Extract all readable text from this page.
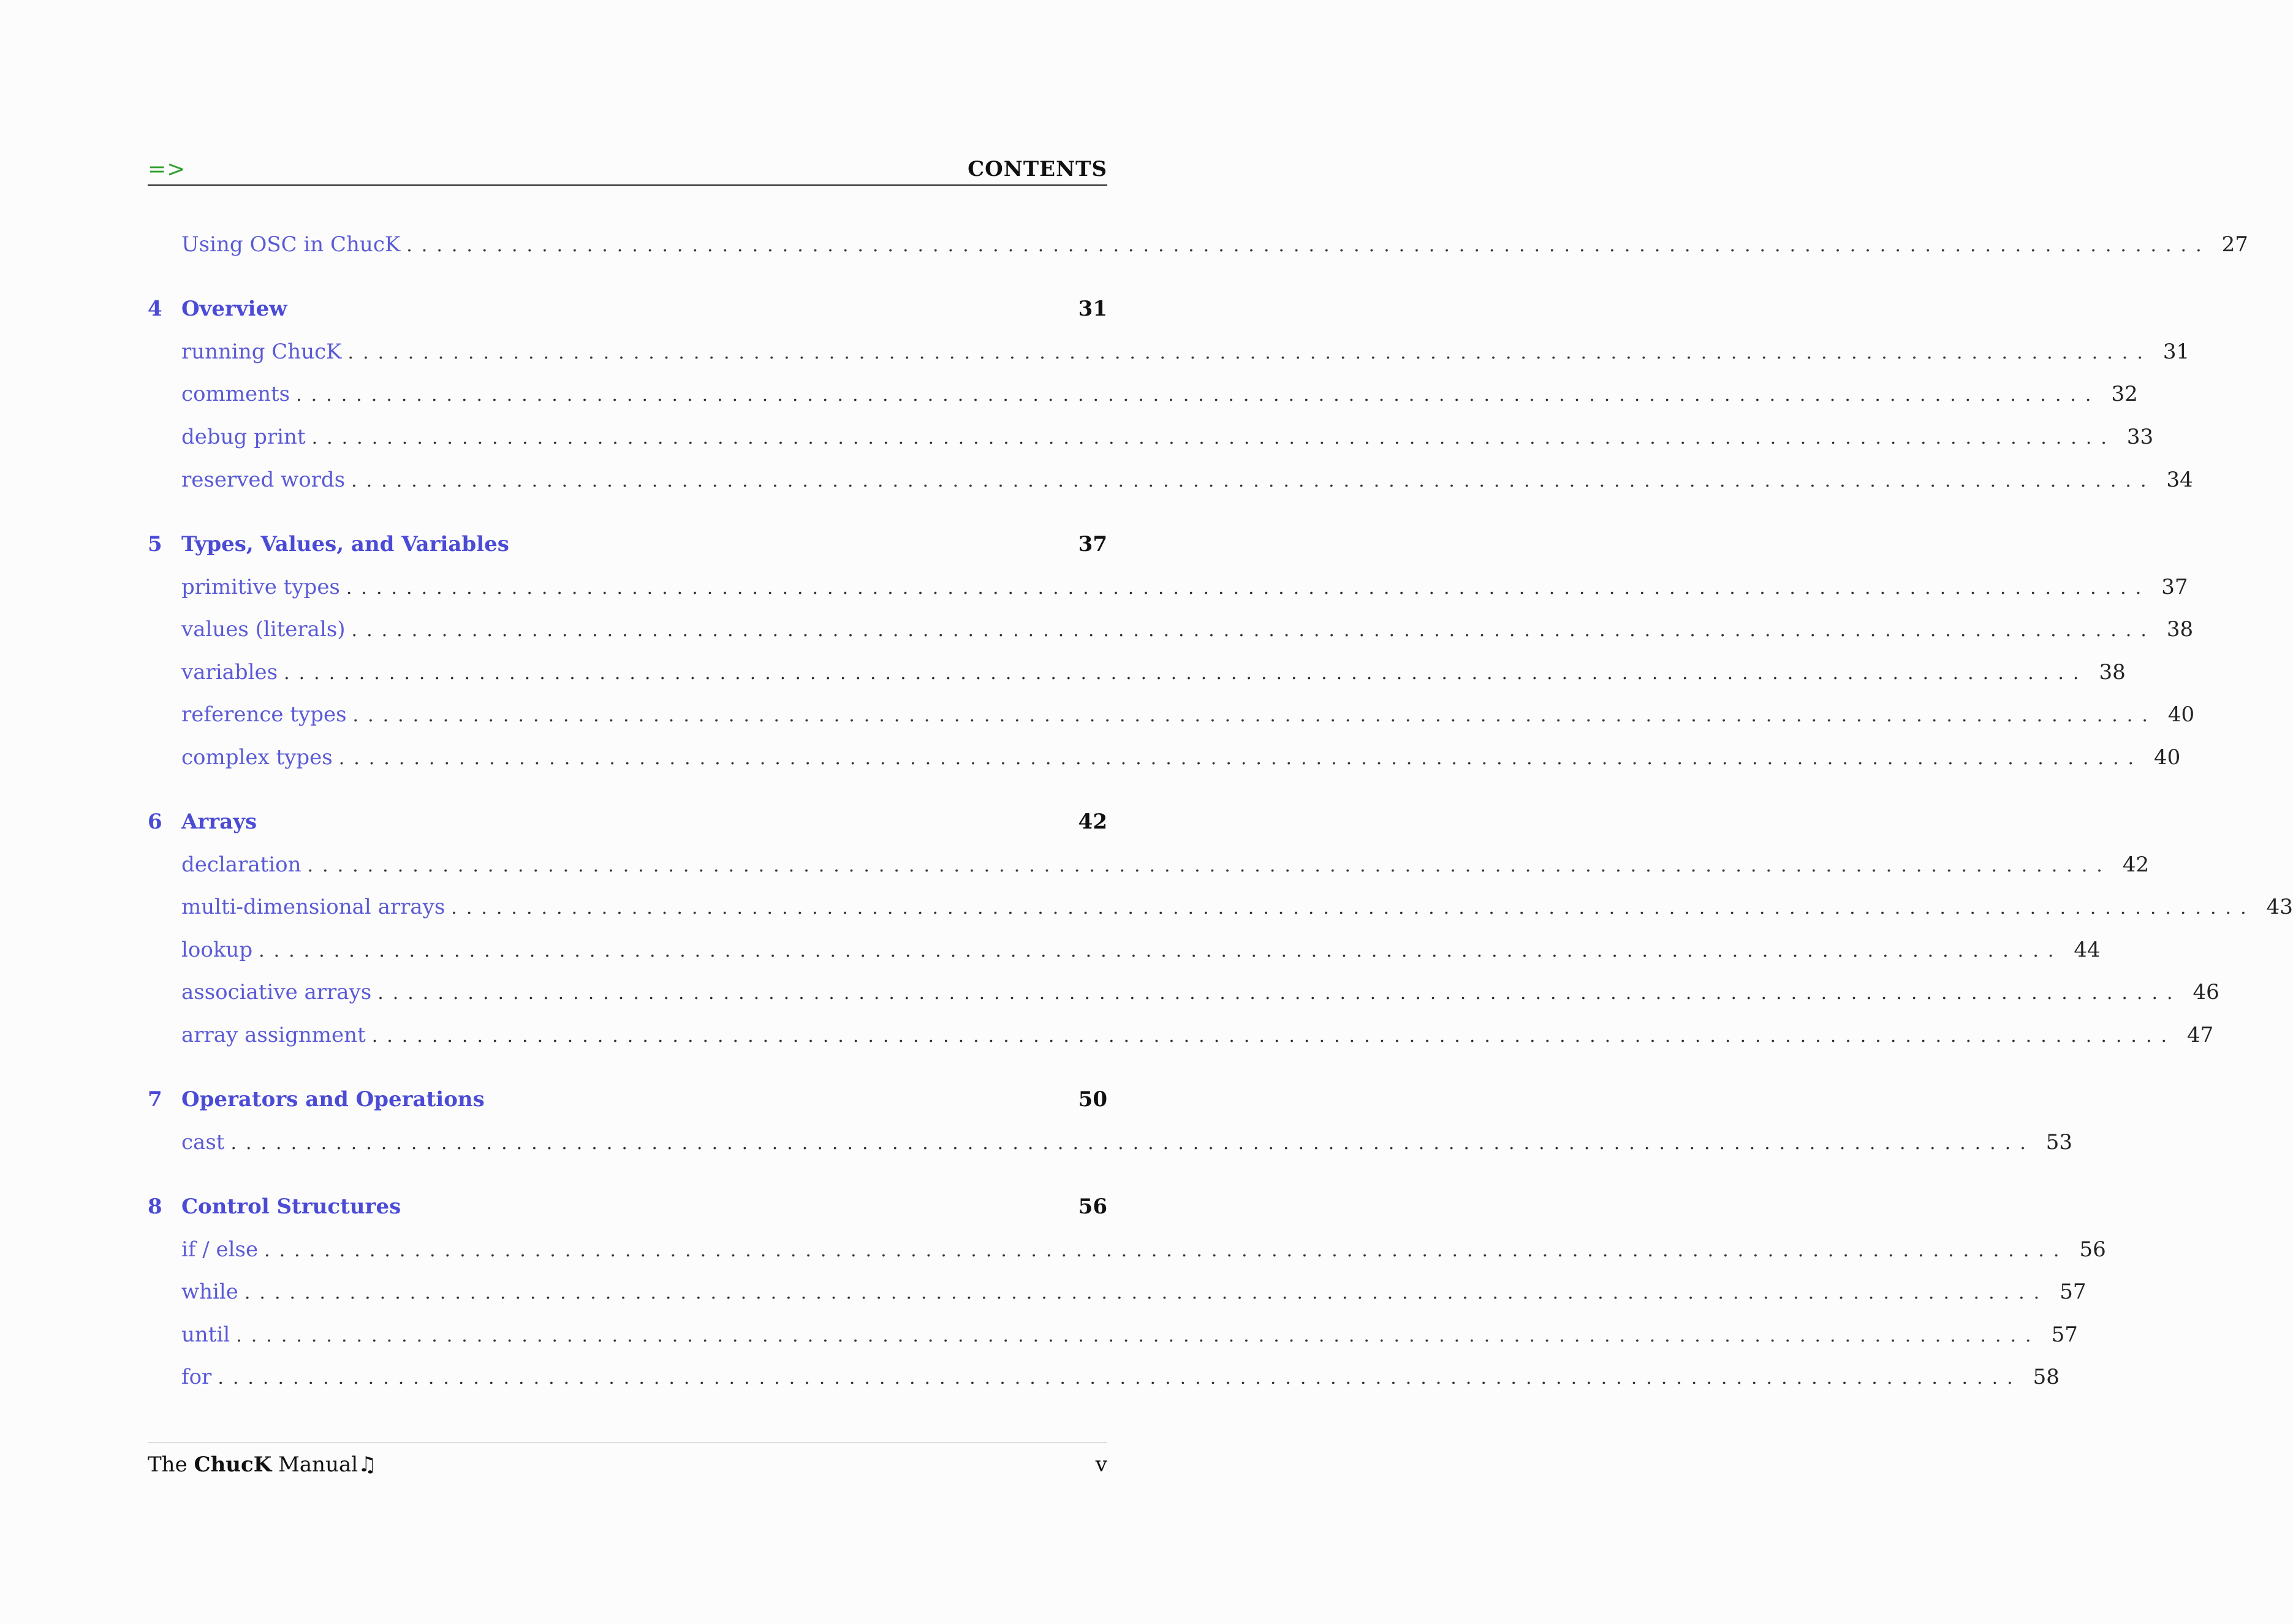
=>	CONTENTS
Using OSC in ChucK ........................................................................................................................ 27
4 Overview	31
running ChucK ........................................................................................................................ 31
comments ........................................................................................................................ 32
debug print ........................................................................................................................ 33
reserved words ........................................................................................................................ 34
5 Types, Values, and Variables	37
primitive types ........................................................................................................................ 37
values (literals) ........................................................................................................................ 38
variables ........................................................................................................................ 38
reference types ........................................................................................................................ 40
complex types ........................................................................................................................ 40
6 Arrays	42
declaration ........................................................................................................................ 42
multi-dimensional arrays ........................................................................................................................ 43
lookup ........................................................................................................................ 44
associative arrays ........................................................................................................................ 46
array assignment ........................................................................................................................ 47
7 Operators and Operations	50
cast ........................................................................................................................ 53
8 Control Structures	56
if / else ........................................................................................................................ 56
while ........................................................................................................................ 57
until ........................................................................................................................ 57
for ........................................................................................................................ 58
The ChucK Manual♫	v
